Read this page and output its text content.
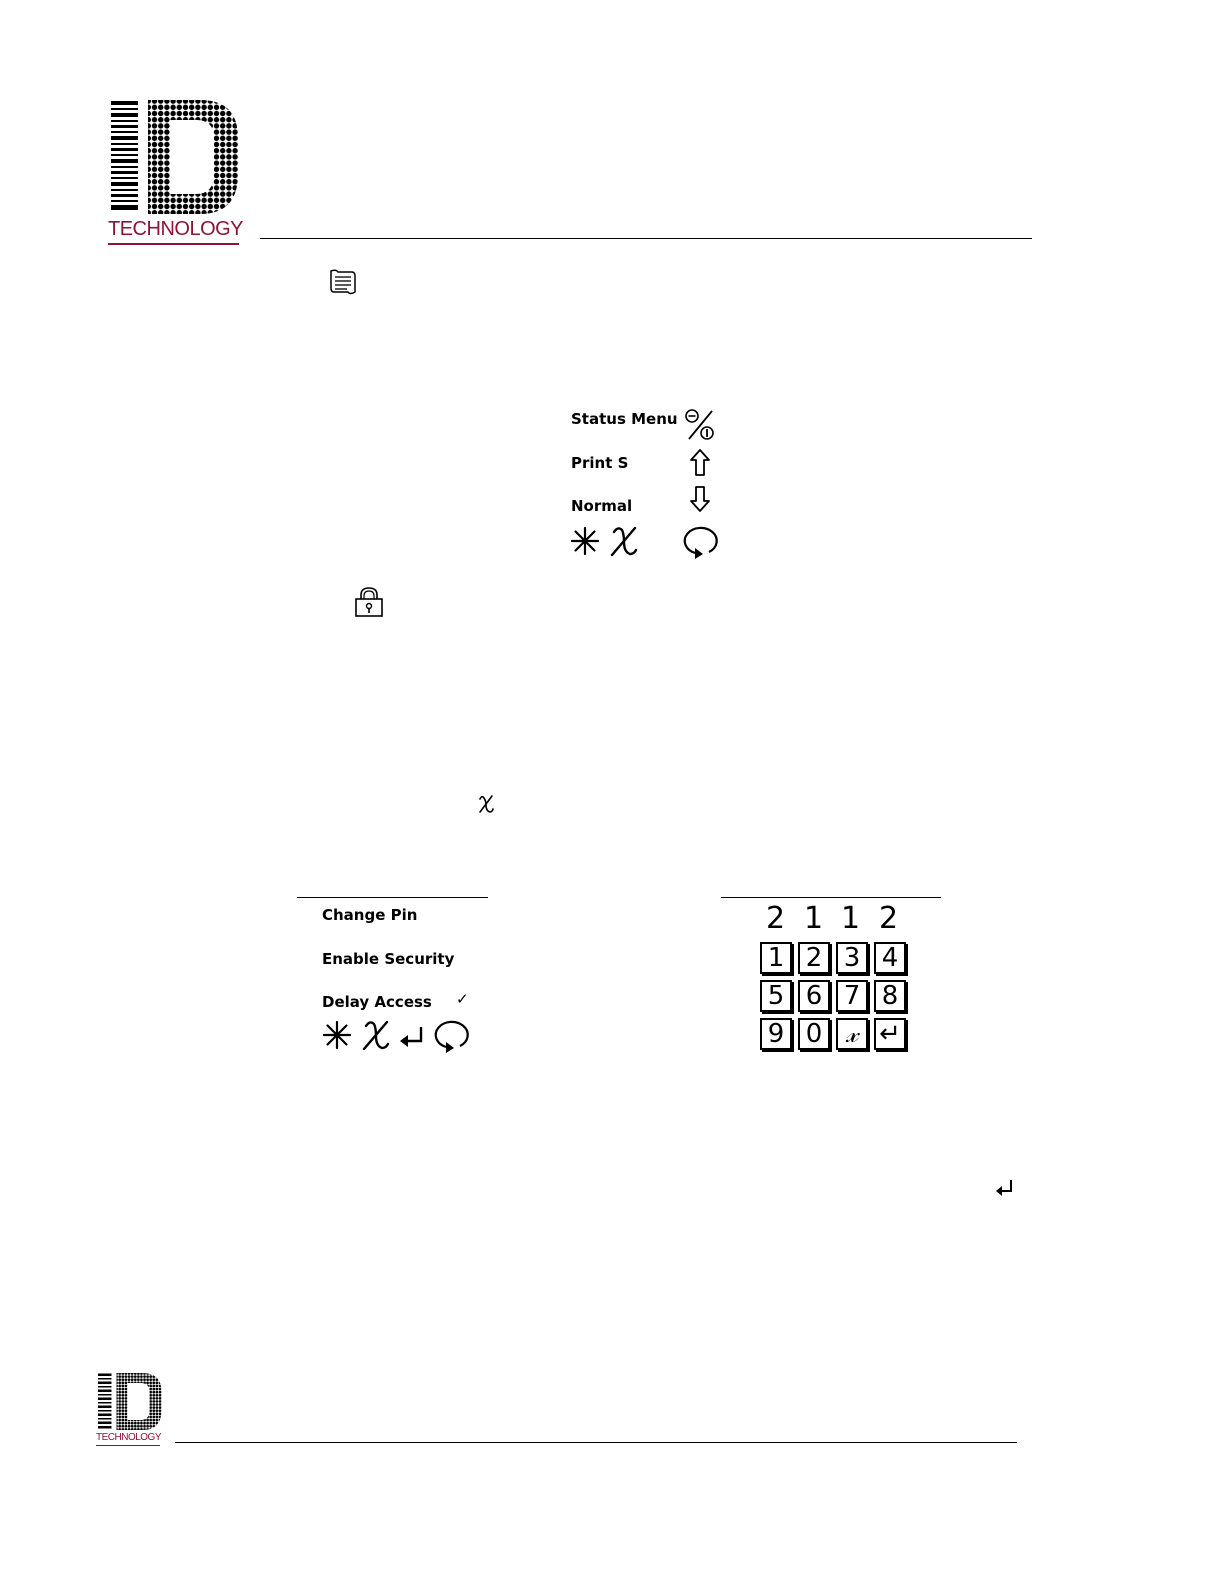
TECHNOLOGY
Status Menu
Print S
Normal
Change Pin
Enable Security
Delay Access ✓
2 1 1 2
1 2 3 4
5 6 7 8
9 0 𝓍 ↵
TECHNOLOGY
